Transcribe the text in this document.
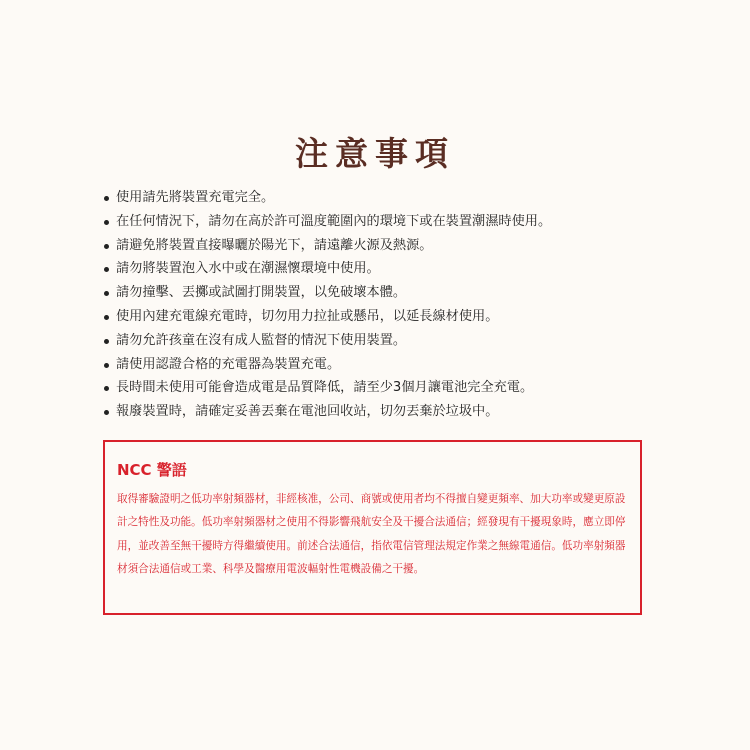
注意事項
使用請先將裝置充電完全。
在任何情況下，請勿在高於許可溫度範圍內的環境下或在裝置潮濕時使用。
請避免將裝置直接曝曬於陽光下，請遠離火源及熱源。
請勿將裝置泡入水中或在潮濕懷環境中使用。
請勿撞擊、丟擲或試圖打開裝置，以免破壞本體。
使用內建充電線充電時，切勿用力拉扯或懸吊，以延長線材使用。
請勿允許孩童在沒有成人監督的情況下使用裝置。
請使用認證合格的充電器為裝置充電。
長時間未使用可能會造成電是品質降低，請至少3個月讓電池完全充電。
報廢裝置時，請確定妥善丟棄在電池回收站，切勿丟棄於垃圾中。
NCC 警語

取得審驗證明之低功率射頻器材，非經核准，公司、商號或使用者均不得擅自變更頻率、加大功率或變更原設計之特性及功能。低功率射頻器材之使用不得影響飛航安全及干擾合法通信；經發現有干擾現象時，應立即停用，並改善至無干擾時方得繼續使用。前述合法通信，指依電信管理法規定作業之無線電通信。低功率射頻器材須合法通信或工業、科學及醫療用電波輻射性電機設備之干擾。
